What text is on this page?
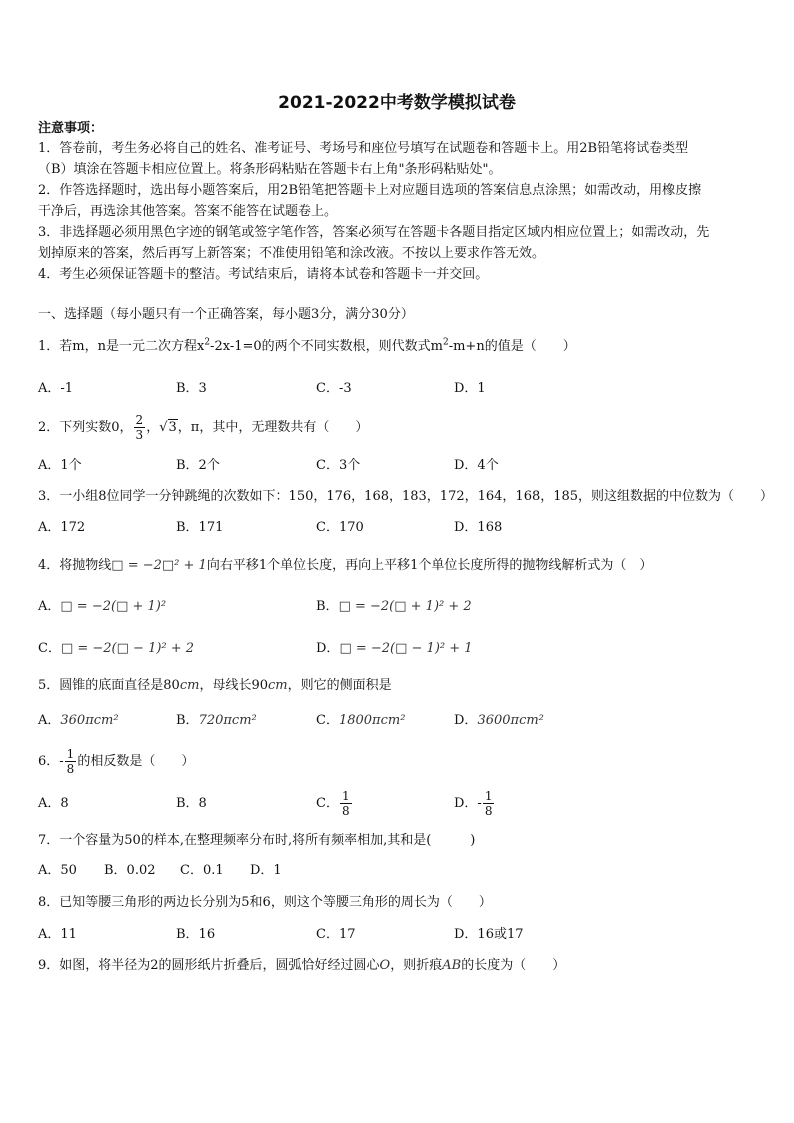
2021-2022中考数学模拟试卷
注意事项：
1．答卷前，考生务必将自己的姓名、准考证号、考场号和座位号填写在试题卷和答题卡上。用2B铅笔将试卷类型
（B）填涂在答题卡相应位置上。将条形码粘贴在答题卡右上角"条形码粘贴处"。
2．作答选择题时，选出每小题答案后，用2B铅笔把答题卡上对应题目选项的答案信息点涂黑；如需改动，用橡皮擦
干净后，再选涂其他答案。答案不能答在试题卷上。
3．非选择题必须用黑色字迹的钢笔或签字笔作答，答案必须写在答题卡各题目指定区域内相应位置上；如需改动，先
划掉原来的答案，然后再写上新答案；不准使用铅笔和涂改液。不按以上要求作答无效。
4．考生必须保证答题卡的整洁。考试结束后，请将本试卷和答题卡一并交回。
一、选择题（每小题只有一个正确答案，每小题3分，满分30分）
1．若m，n是一元二次方程$x^2-2x-1=0$的两个不同实数根，则代数式$m^2-m+n$的值是（　　）
A．-1	B．3	C．-3	D．1
2．下列实数0， $\frac{2}{3}$ ，√3，π，其中，无理数共有（　　）
A．1个	B．2个	C．3个	D．4个
3．一小组8位同学一分钟跳绳的次数如下：150，176，168，183，172，164，168，185，则这组数据的中位数为（　　）
A．172	B．171	C．170	D．168
4．将抛物线□ = −2□² + 1向右平移1个单位长度，再向上平移1个单位长度所得的抛物线解析式为（　）
A．□ = −2(□ + 1)²	B．□ = −2(□ + 1)² + 2
C．□ = −2(□ − 1)² + 2	D．□ = −2(□ − 1)² + 1
5．圆锥的底面直径是80cm，母线长90cm，则它的侧面积是
A．360πcm²	B．720πcm²	C．1800πcm²	D．3600πcm²
6．- $\frac{1}{8}$ 的相反数是（　　）
A．8	B．8	C． $\frac{1}{8}$	D．- $\frac{1}{8}$
7．一个容量为50的样本,在整理频率分布时,将所有频率相加,其和是(　　　)
A．50 B．0.02 C．0.1 D．1
8．已知等腰三角形的两边长分别为5和6，则这个等腰三角形的周长为（　　）
A．11	B．16	C．17	D．16或17
9．如图，将半径为2的圆形纸片折叠后，圆弧恰好经过圆心O，则折痕AB的长度为（　　）
